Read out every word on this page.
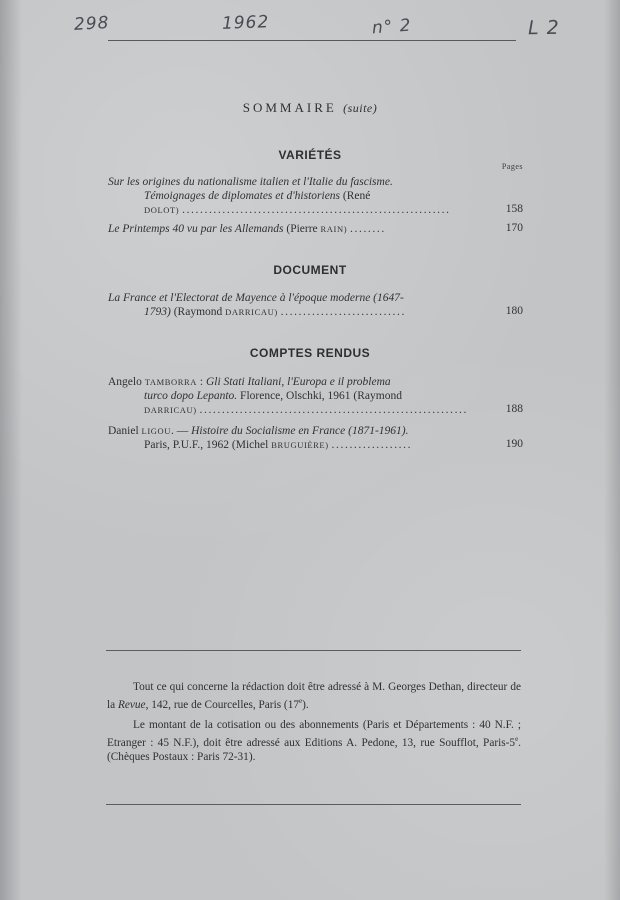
298	1962	n° 2	L 2
SOMMAIRE (suite)
VARIÉTÉS
Pages
Sur les origines du nationalisme italien et l'Italie du fascisme.
Témoignages de diplomates et d'historiens (René
DOLOT) ............................................................	158
Le Printemps 40 vu par les Allemands (Pierre RAIN) ........	170
DOCUMENT
La France et l'Electorat de Mayence à l'époque moderne (1647-
1793) (Raymond DARRICAU) ............................	180
COMPTES RENDUS
Angelo TAMBORRA : Gli Stati Italiani, l'Europa e il problema
turco dopo Lepanto. Florence, Olschki, 1961 (Raymond
DARRICAU) ............................................................	188
Daniel LIGOU. — Histoire du Socialisme en France (1871-1961).
Paris, P.U.F., 1962 (Michel BRUGUIÈRE) ..................	190

Tout ce qui concerne la rédaction doit être adressé à M. Georges Dethan, directeur de la Revue, 142, rue de Courcelles, Paris (17e).

Le montant de la cotisation ou des abonnements (Paris et Départements : 40 N.F. ; Etranger : 45 N.F.), doit être adressé aux Editions A. Pedone, 13, rue Soufflot, Paris-5e. (Chèques Postaux : Paris 72-31).
